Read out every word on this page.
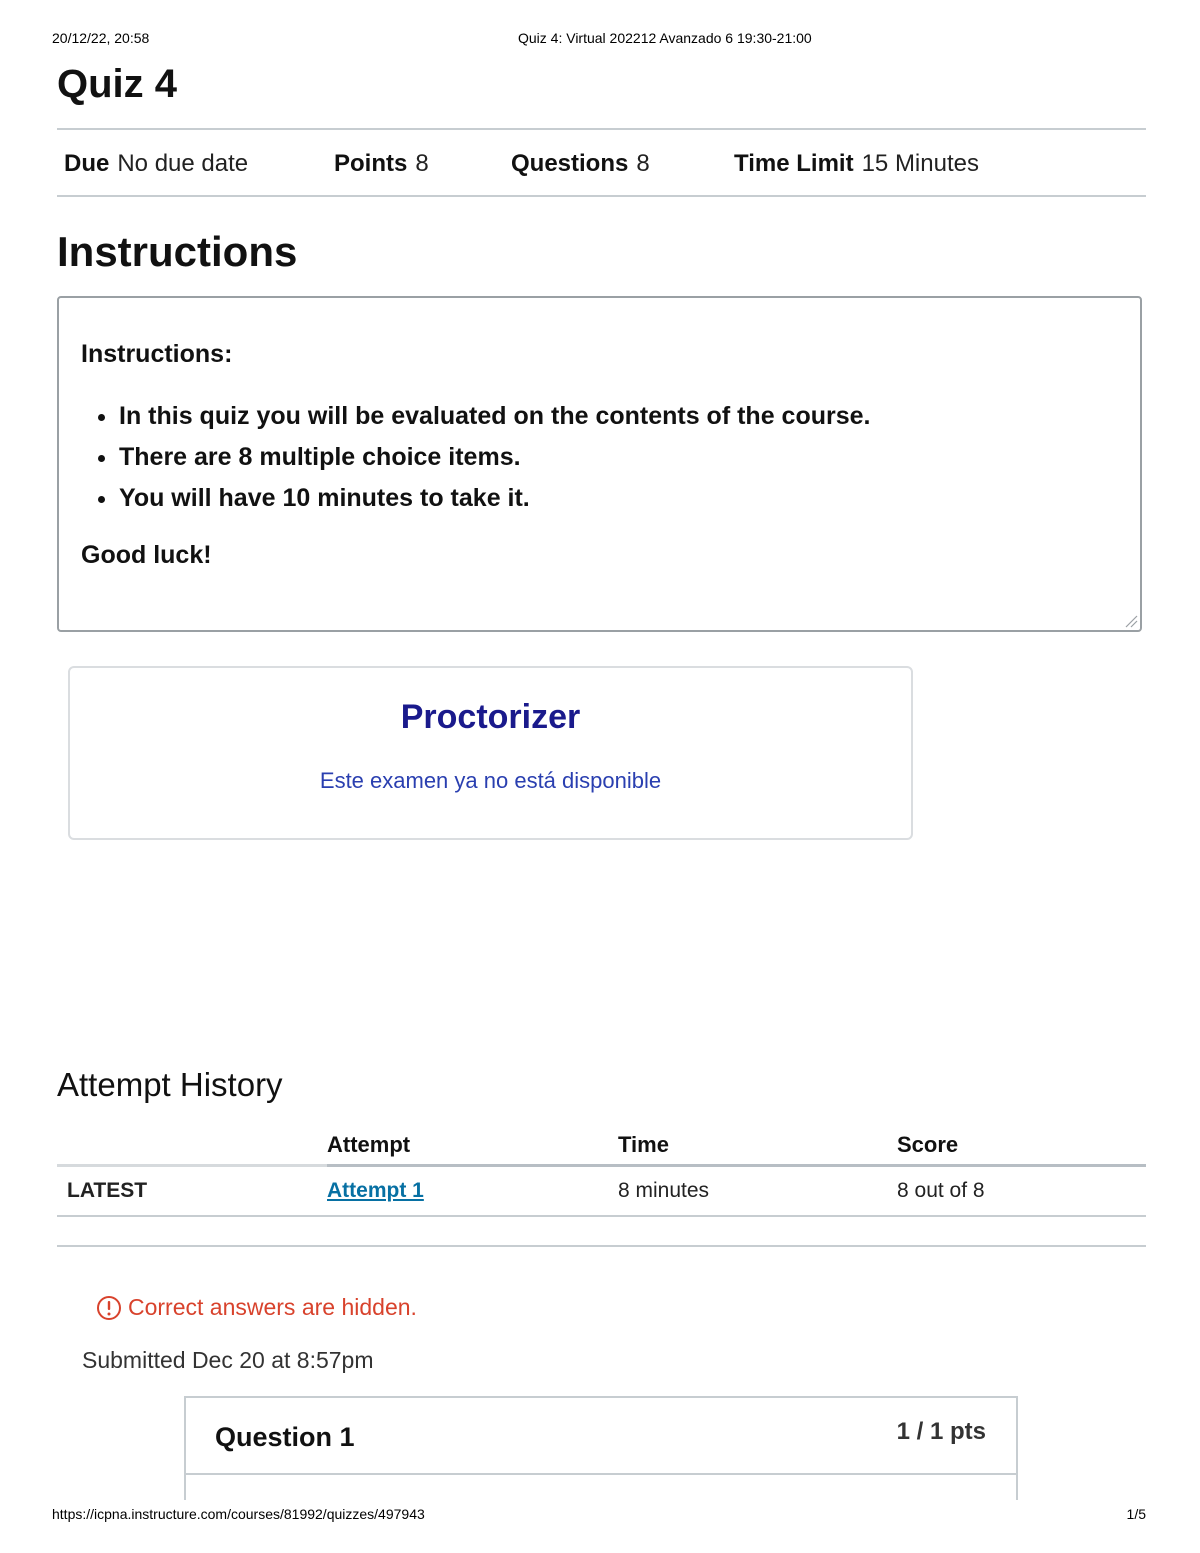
20/12/22, 20:58	Quiz 4: Virtual 202212 Avanzado 6 19:30-21:00
Quiz 4
Due No due date	Points 8	Questions 8	Time Limit 15 Minutes
Instructions

Instructions:

• In this quiz you will be evaluated on the contents of the course.
• There are 8 multiple choice items.
• You will have 10 minutes to take it.

Good luck!

Proctorizer

Este examen ya no está disponible

Attempt History
	Attempt	Time	Score
LATEST	Attempt 1	8 minutes	8 out of 8
Correct answers are hidden.

Submitted Dec 20 at 8:57pm

Question 1	1 / 1 pts
https://icpna.instructure.com/courses/81992/quizzes/497943	1/5
